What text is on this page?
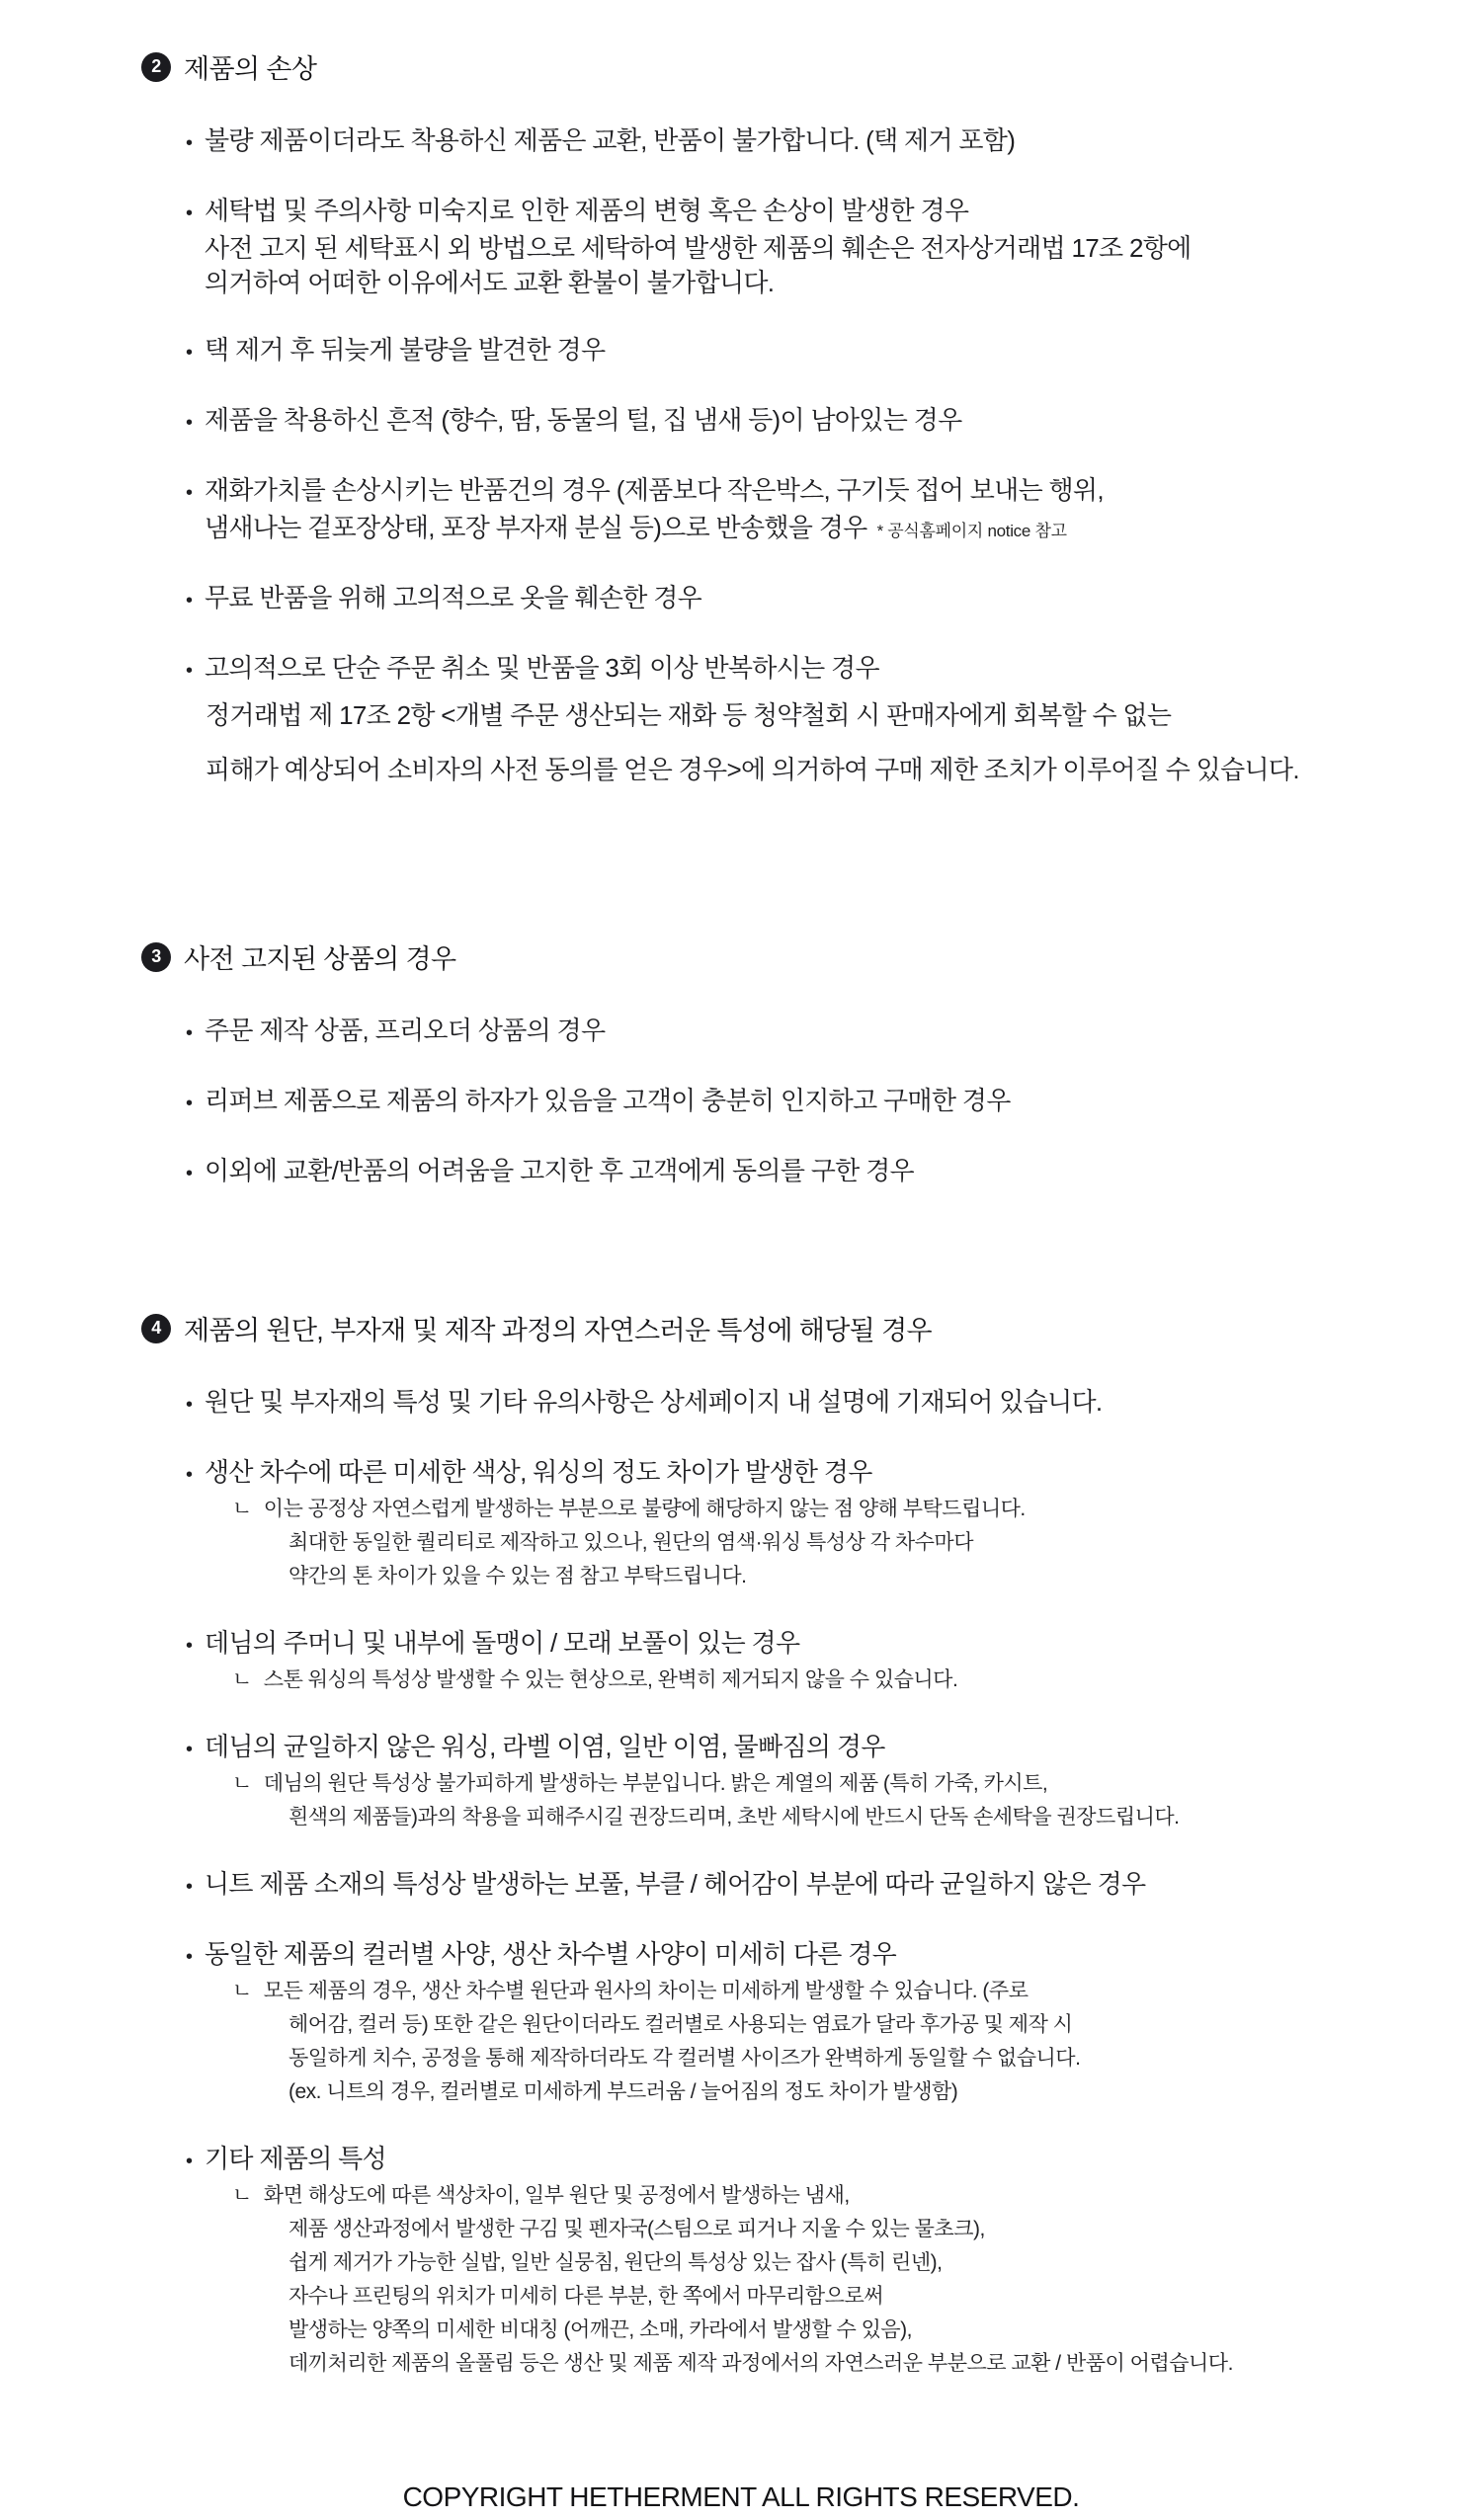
2 제품의 손상
• 불량 제품이더라도 착용하신 제품은 교환, 반품이 불가합니다. (택 제거 포함)
• 세탁법 및 주의사항 미숙지로 인한 제품의 변형 혹은 손상이 발생한 경우
사전 고지 된 세탁표시 외 방법으로 세탁하여 발생한 제품의 훼손은 전자상거래법 17조 2항에
의거하여 어떠한 이유에서도 교환 환불이 불가합니다.
• 택 제거 후 뒤늦게 불량을 발견한 경우
• 제품을 착용하신 흔적 (향수, 땀, 동물의 털, 집 냄새 등)이 남아있는 경우
• 재화가치를 손상시키는 반품건의 경우 (제품보다 작은박스, 구기듯 접어 보내는 행위,
냄새나는 겉포장상태, 포장 부자재 분실 등)으로 반송했을 경우 * 공식홈페이지 notice 참고
• 무료 반품을 위해 고의적으로 옷을 훼손한 경우
• 고의적으로 단순 주문 취소 및 반품을 3회 이상 반복하시는 경우
정거래법 제 17조 2항 <개별 주문 생산되는 재화 등 청약철회 시 판매자에게 회복할 수 없는
피해가 예상되어 소비자의 사전 동의를 얻은 경우>에 의거하여 구매 제한 조치가 이루어질 수 있습니다.
3 사전 고지된 상품의 경우
• 주문 제작 상품, 프리오더 상품의 경우
• 리퍼브 제품으로 제품의 하자가 있음을 고객이 충분히 인지하고 구매한 경우
• 이외에 교환/반품의 어려움을 고지한 후 고객에게 동의를 구한 경우
4 제품의 원단, 부자재 및 제작 과정의 자연스러운 특성에 해당될 경우
• 원단 및 부자재의 특성 및 기타 유의사항은 상세페이지 내 설명에 기재되어 있습니다.
• 생산 차수에 따른 미세한 색상, 워싱의 정도 차이가 발생한 경우
ㄴ 이는 공정상 자연스럽게 발생하는 부분으로 불량에 해당하지 않는 점 양해 부탁드립니다.
최대한 동일한 퀄리티로 제작하고 있으나, 원단의 염색·워싱 특성상 각 차수마다
약간의 톤 차이가 있을 수 있는 점 참고 부탁드립니다.
• 데님의 주머니 및 내부에 돌맹이 / 모래 보풀이 있는 경우
ㄴ 스톤 워싱의 특성상 발생할 수 있는 현상으로, 완벽히 제거되지 않을 수 있습니다.
• 데님의 균일하지 않은 워싱, 라벨 이염, 일반 이염, 물빠짐의 경우
ㄴ 데님의 원단 특성상 불가피하게 발생하는 부분입니다. 밝은 계열의 제품 (특히 가죽, 카시트,
흰색의 제품들)과의 착용을 피해주시길 권장드리며, 초반 세탁시에 반드시 단독 손세탁을 권장드립니다.
• 니트 제품 소재의 특성상 발생하는 보풀, 부클 / 헤어감이 부분에 따라 균일하지 않은 경우
• 동일한 제품의 컬러별 사양, 생산 차수별 사양이 미세히 다른 경우
ㄴ 모든 제품의 경우, 생산 차수별 원단과 원사의 차이는 미세하게 발생할 수 있습니다. (주로
헤어감, 컬러 등) 또한 같은 원단이더라도 컬러별로 사용되는 염료가 달라 후가공 및 제작 시
동일하게 치수, 공정을 통해 제작하더라도 각 컬러별 사이즈가 완벽하게 동일할 수 없습니다.
(ex. 니트의 경우, 컬러별로 미세하게 부드러움 / 늘어짐의 정도 차이가 발생함)
• 기타 제품의 특성
ㄴ 화면 해상도에 따른 색상차이, 일부 원단 및 공정에서 발생하는 냄새,
제품 생산과정에서 발생한 구김 및 펜자국(스팀으로 피거나 지울 수 있는 물초크),
쉽게 제거가 가능한 실밥, 일반 실뭉침, 원단의 특성상 있는 잡사 (특히 린넨),
자수나 프린팅의 위치가 미세히 다른 부분, 한 쪽에서 마무리함으로써
발생하는 양쪽의 미세한 비대칭 (어깨끈, 소매, 카라에서 발생할 수 있음),
데끼처리한 제품의 올풀림 등은 생산 및 제품 제작 과정에서의 자연스러운 부분으로 교환 / 반품이 어렵습니다.
COPYRIGHT HETHERMENT ALL RIGHTS RESERVED.
